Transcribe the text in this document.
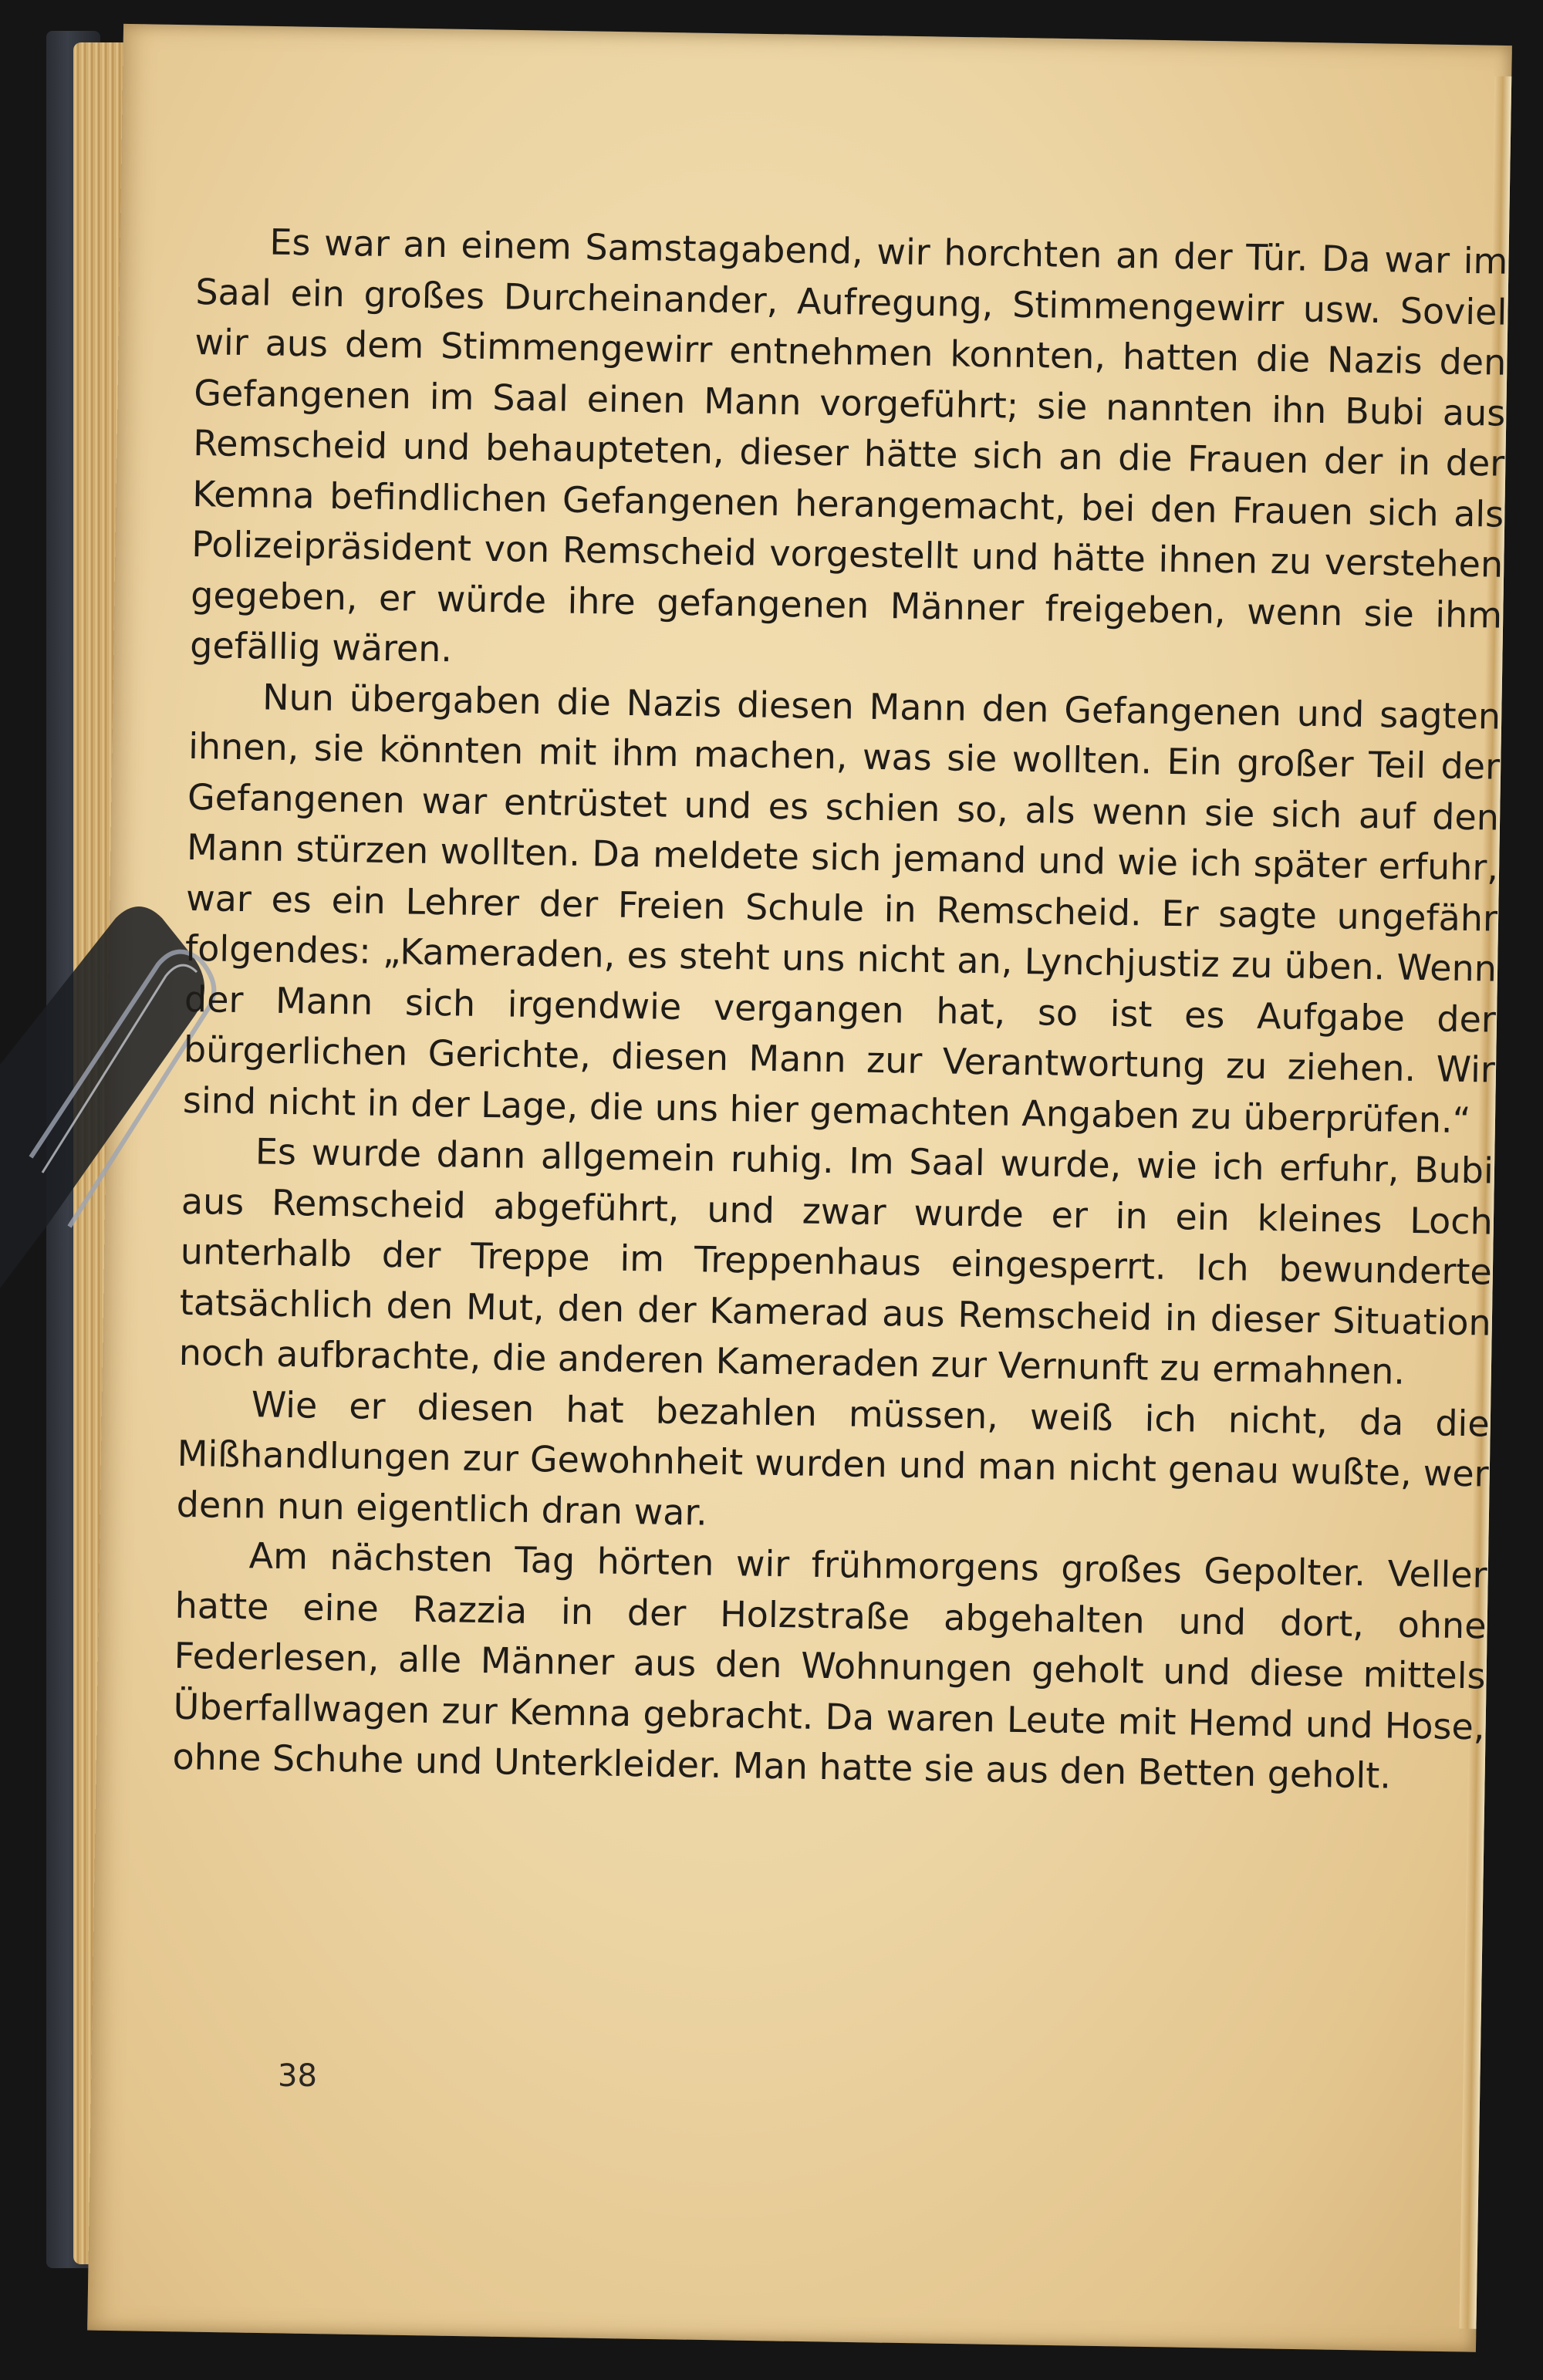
Es war an einem Samstagabend, wir horchten an der Tür. Da war im Saal ein großes Durcheinander, Aufregung, Stimmengewirr usw. Soviel wir aus dem Stimmengewirr entnehmen konnten, hatten die Nazis den Gefangenen im Saal einen Mann vorgeführt; sie nannten ihn Bubi aus Remscheid und behaupteten, dieser hätte sich an die Frauen der in der Kemna befindlichen Gefangenen herangemacht, bei den Frauen sich als Polizeipräsident von Remscheid vorgestellt und hätte ihnen zu verstehen gegeben, er würde ihre gefangenen Männer freigeben, wenn sie ihm gefällig wären.

Nun übergaben die Nazis diesen Mann den Gefangenen und sagten ihnen, sie könnten mit ihm machen, was sie wollten. Ein großer Teil der Gefangenen war entrüstet und es schien so, als wenn sie sich auf den Mann stürzen wollten. Da meldete sich jemand und wie ich später erfuhr, war es ein Lehrer der Freien Schule in Remscheid. Er sagte ungefähr folgendes: „Kameraden, es steht uns nicht an, Lynchjustiz zu üben. Wenn der Mann sich irgendwie vergangen hat, so ist es Aufgabe der bürgerlichen Gerichte, diesen Mann zur Verantwortung zu ziehen. Wir sind nicht in der Lage, die uns hier gemachten Angaben zu überprüfen.“

Es wurde dann allgemein ruhig. Im Saal wurde, wie ich erfuhr, Bubi aus Remscheid abgeführt, und zwar wurde er in ein kleines Loch unterhalb der Treppe im Treppenhaus eingesperrt. Ich bewunderte tatsächlich den Mut, den der Kamerad aus Remscheid in dieser Situation noch aufbrachte, die anderen Kameraden zur Vernunft zu ermahnen.

Wie er diesen hat bezahlen müssen, weiß ich nicht, da die Mißhandlungen zur Gewohnheit wurden und man nicht genau wußte, wer denn nun eigentlich dran war.

Am nächsten Tag hörten wir frühmorgens großes Gepolter. Veller hatte eine Razzia in der Holzstraße abgehalten und dort, ohne Federlesen, alle Männer aus den Wohnungen geholt und diese mittels Überfallwagen zur Kemna gebracht. Da waren Leute mit Hemd und Hose, ohne Schuhe und Unterkleider. Man hatte sie aus den Betten geholt.

38
